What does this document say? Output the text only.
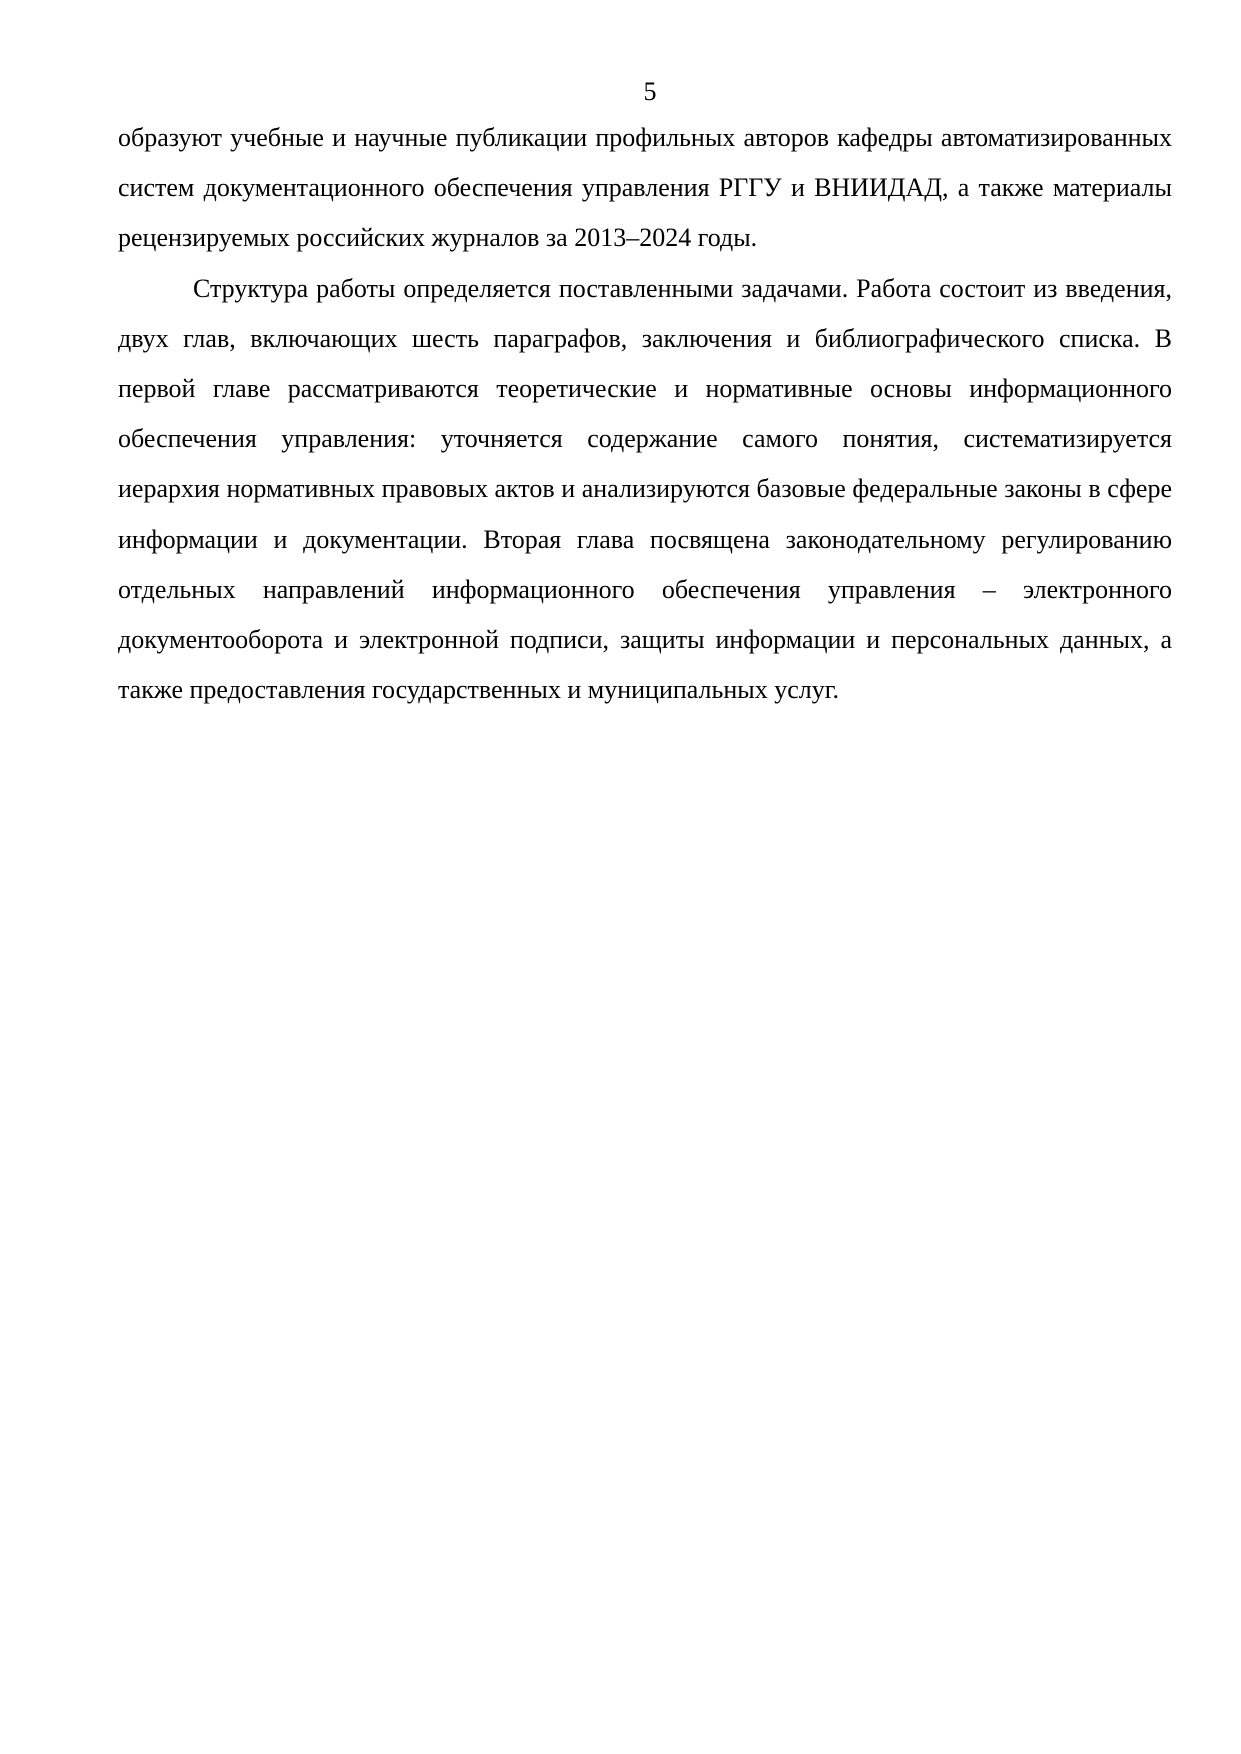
5

образуют учебные и научные публикации профильных авторов кафедры автоматизированных систем документационного обеспечения управления РГГУ и ВНИИДАД, а также материалы рецензируемых российских журналов за 2013–2024 годы.

Структура работы определяется поставленными задачами. Работа состоит из введения, двух глав, включающих шесть параграфов, заключения и библиографического списка. В первой главе рассматриваются теоретические и нормативные основы информационного обеспечения управления: уточняется содержание самого понятия, систематизируется иерархия нормативных правовых актов и анализируются базовые федеральные законы в сфере информации и документации. Вторая глава посвящена законодательному регулированию отдельных направлений информационного обеспечения управления – электронного документооборота и электронной подписи, защиты информации и персональных данных, а также предоставления государственных и муниципальных услуг.
